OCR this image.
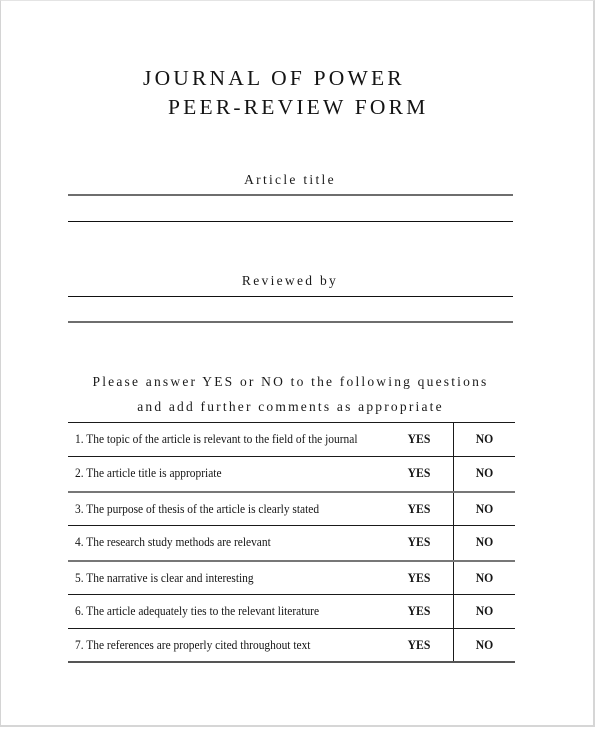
JOURNAL OF POWER
PEER-REVIEW FORM
Article title
Reviewed by
Please answer YES or NO to the following questions
and add further comments as appropriate
1. The topic of the article is relevant to the field of the journal	YES	NO
2. The article title is appropriate	YES	NO
3. The purpose of thesis of the article is clearly stated	YES	NO
4. The research study methods are relevant	YES	NO
5. The narrative is clear and interesting	YES	NO
6. The article adequately ties to the relevant literature	YES	NO
7. The references are properly cited throughout text	YES	NO
